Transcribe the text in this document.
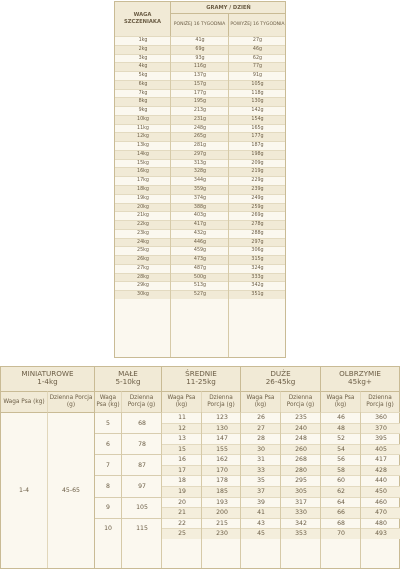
WAGA SZCZENIAKA
GRAMY / DZIEŃ
PONIŻEJ 16 TYGODNIA	POWYŻEJ 16 TYGODNIA
1kg	41g	27g
2kg	69g	46g
3kg	93g	62g
4kg	116g	77g
5kg	137g	91g
6kg	157g	105g
7kg	177g	118g
8kg	195g	130g
9kg	213g	142g
10kg	231g	154g
11kg	248g	165g
12kg	265g	177g
13kg	281g	187g
14kg	297g	198g
15kg	313g	209g
16kg	328g	219g
17kg	344g	229g
18kg	359g	239g
19kg	374g	249g
20kg	388g	259g
21kg	403g	269g
22kg	417g	278g
23kg	432g	288g
24kg	446g	297g
25kg	459g	306g
26kg	473g	315g
27kg	487g	324g
28kg	500g	333g
29kg	513g	342g
30kg	527g	351g
MINIATUROWE
1-4kg
MAŁE
5-10kg
ŚREDNIE
11-25kg
DUŻE
26-45kg
OLBRZYMIE
45kg+
Waga Psa (kg)
Dzienna Porcja (g)
Waga Psa (kg)
Dzienna Porcja (g)
Waga Psa (kg)
Dzienna Porcja (g)
Waga Psa (kg)
Dzienna Porcja (g)
Waga Psa (kg)
Dzienna Porcja (g)
1-4	45-65
5	68
6	78
7	87
8	97
9	105
10	115
11	123	26	235	46	360
12	130	27	240	48	370
13	147	28	248	52	395
15	155	30	260	54	405
16	162	31	268	56	417
17	170	33	280	58	428
18	178	35	295	60	440
19	185	37	305	62	450
20	193	39	317	64	460
21	200	41	330	66	470
22	215	43	342	68	480
25	230	45	353	70	493
